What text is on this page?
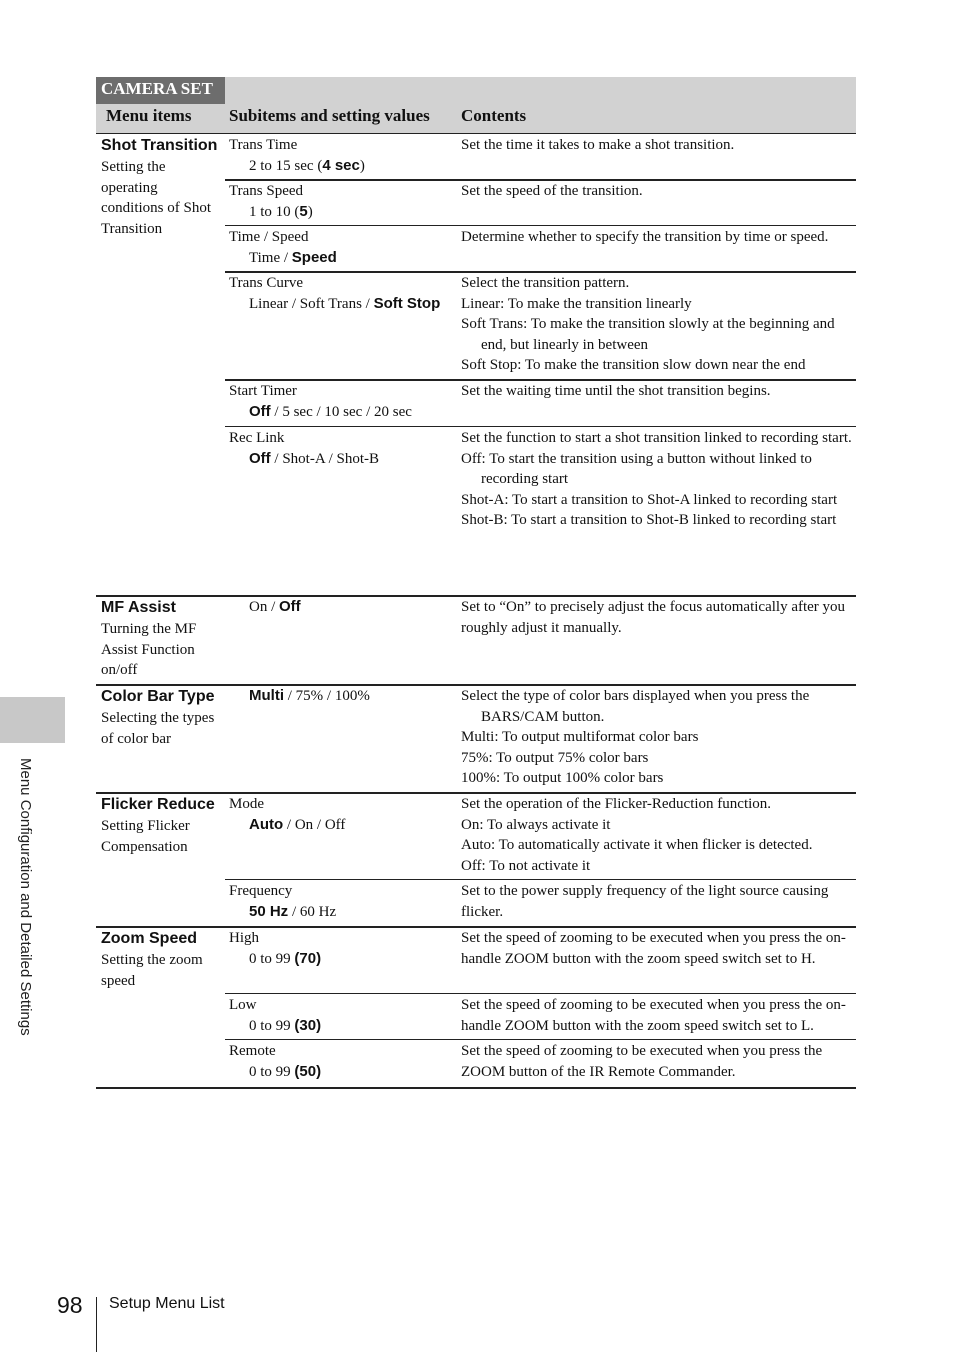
CAMERA SET
Menu items Subitems and setting values Contents
Shot Transition
Setting the operating conditions of Shot Transition
Trans Time
2 to 15 sec (4 sec)
Set the time it takes to make a shot transition.
Trans Speed
1 to 10 (5)
Set the speed of the transition.
Time / Speed
Time / Speed
Determine whether to specify the transition by time or speed.
Trans Curve
Linear / Soft Trans / Soft Stop
Select the transition pattern.
Linear: To make the transition linearly
Soft Trans: To make the transition slowly at the beginning and end, but linearly in between
Soft Stop: To make the transition slow down near the end
Start Timer
Off / 5 sec / 10 sec / 20 sec
Set the waiting time until the shot transition begins.
Rec Link
Off / Shot-A / Shot-B
Set the function to start a shot transition linked to recording start.
Off: To start the transition using a button without linked to recording start
Shot-A: To start a transition to Shot-A linked to recording start
Shot-B: To start a transition to Shot-B linked to recording start
MF Assist
Turning the MF Assist Function on/off
On / Off	Set to “On” to precisely adjust the focus automatically after you roughly adjust it manually.
Color Bar Type
Selecting the types of color bar
Multi / 75% / 100%	Select the type of color bars displayed when you press the BARS/CAM button.
Multi: To output multiformat color bars
75%: To output 75% color bars
100%: To output 100% color bars
Flicker Reduce
Setting Flicker Compensation
Mode
Auto / On / Off
Set the operation of the Flicker-Reduction function.
On: To always activate it
Auto: To automatically activate it when flicker is detected.
Off: To not activate it
Frequency
50 Hz / 60 Hz
Set to the power supply frequency of the light source causing flicker.
Zoom Speed
Setting the zoom speed
High
0 to 99 (70)
Set the speed of zooming to be executed when you press the on-handle ZOOM button with the zoom speed switch set to H.
Low
0 to 99 (30)
Set the speed of zooming to be executed when you press the on-handle ZOOM button with the zoom speed switch set to L.
Remote
0 to 99 (50)
Set the speed of zooming to be executed when you press the ZOOM button of the IR Remote Commander.
Menu Configuration and Detailed Settings
98 Setup Menu List
